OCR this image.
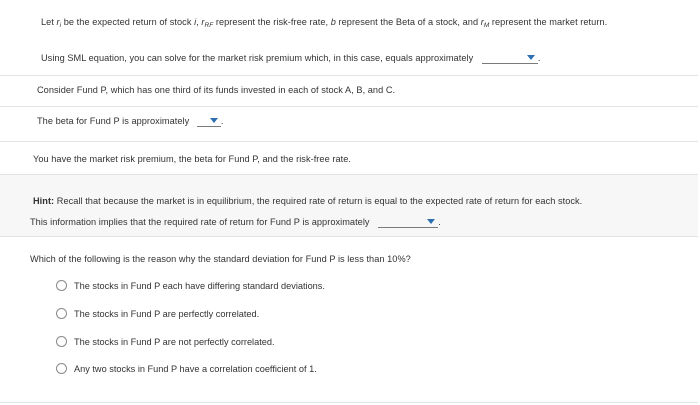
Let $r_i$ be the expected return of stock i, $r_{RF}$ represent the risk-free rate, b represent the Beta of a stock, and $r_M$ represent the market return.
Using SML equation, you can solve for the market risk premium which, in this case, equals approximately	.
Consider Fund P, which has one third of its funds invested in each of stock A, B, and C.
The beta for Fund P is approximately	.
You have the market risk premium, the beta for Fund P, and the risk-free rate.
Hint: Recall that because the market is in equilibrium, the required rate of return is equal to the expected rate of return for each stock.
This information implies that the required rate of return for Fund P is approximately	.
Which of the following is the reason why the standard deviation for Fund P is less than 10%?
The stocks in Fund P each have differing standard deviations.
The stocks in Fund P are perfectly correlated.
The stocks in Fund P are not perfectly correlated.
Any two stocks in Fund P have a correlation coefficient of 1.
